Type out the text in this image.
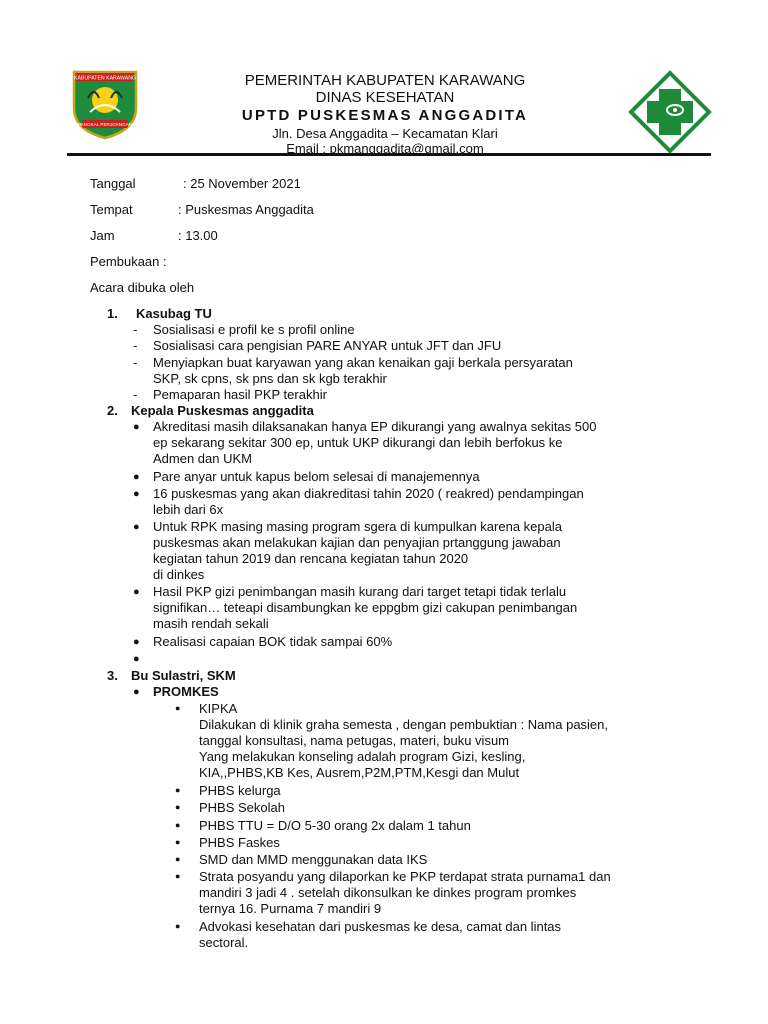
KABUPATEN KARAWANG
PANGKAL PERJOANGAN
PEMERINTAH KABUPATEN KARAWANG
DINAS KESEHATAN
UPTD PUSKESMAS ANGGADITA
Jln. Desa Anggadita – Kecamatan Klari
Email : pkmanggadita@gmail.com
Tanggal	: 25 November 2021
Tempat	: Puskesmas Anggadita
Jam	: 13.00
Pembukaan :
Acara dibuka oleh
1. Kasubag TU
- Sosialisasi e profil ke s profil online
- Sosialisasi cara pengisian PARE ANYAR untuk JFT dan JFU
- Menyiapkan buat karyawan yang akan kenaikan gaji berkala persyaratan
SKP, sk cpns, sk pns dan sk kgb terakhir
- Pemaparan hasil PKP terakhir
2. Kepala Puskesmas anggadita
● Akreditasi masih dilaksanakan hanya EP dikurangi yang awalnya sekitas 500
ep sekarang sekitar 300 ep, untuk UKP dikurangi dan lebih berfokus ke
Admen dan UKM
● Pare anyar untuk kapus belom selesai di manajemennya
● 16 puskesmas yang akan diakreditasi tahin 2020 ( reakred) pendampingan
lebih dari 6x
● Untuk RPK masing masing program sgera di kumpulkan karena kepala
puskesmas akan melakukan kajian dan penyajian prtanggung jawaban
kegiatan tahun 2019 dan rencana kegiatan tahun 2020
di dinkes
● Hasil PKP gizi penimbangan masih kurang dari target tetapi tidak terlalu
signifikan… teteapi disambungkan ke eppgbm gizi cakupan penimbangan
masih rendah sekali
● Realisasi capaian BOK tidak sampai 60%
●
3. Bu Sulastri, SKM
● PROMKES
● KIPKA
Dilakukan di klinik graha semesta , dengan pembuktian : Nama pasien,
tanggal konsultasi, nama petugas, materi, buku visum
Yang melakukan konseling adalah program Gizi, kesling,
KIA,,PHBS,KB Kes, Ausrem,P2M,PTM,Kesgi dan Mulut
● PHBS kelurga
● PHBS Sekolah
● PHBS TTU = D/O 5-30 orang 2x dalam 1 tahun
● PHBS Faskes
● SMD dan MMD menggunakan data IKS
● Strata posyandu yang dilaporkan ke PKP terdapat strata purnama1 dan
mandiri 3 jadi 4 . setelah dikonsulkan ke dinkes program promkes
ternya 16. Purnama 7 mandiri 9
● Advokasi kesehatan dari puskesmas ke desa, camat dan lintas
sectoral.
